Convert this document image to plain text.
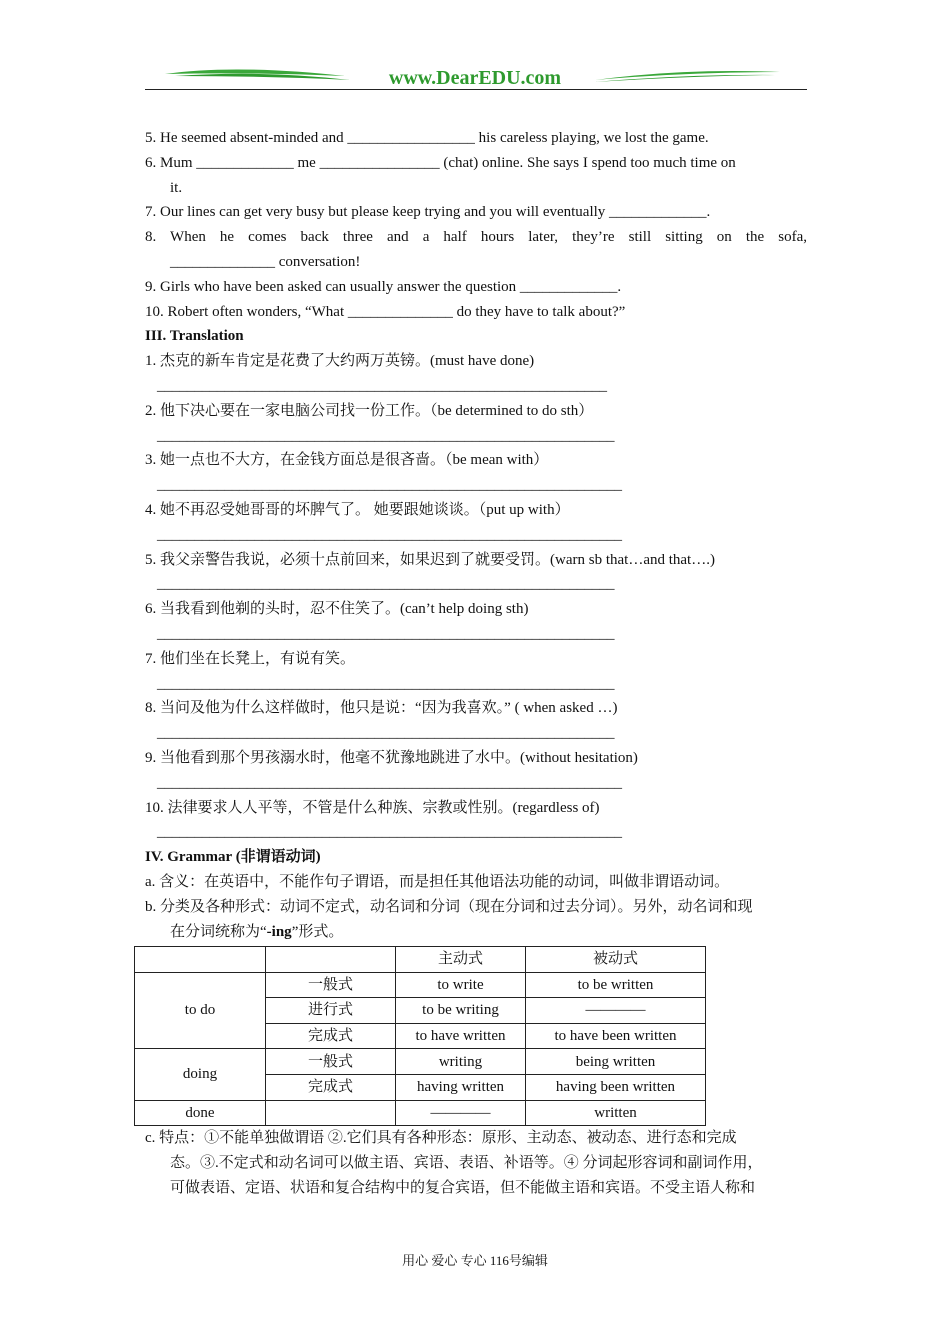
www.DearEDU.com
5. He seemed absent-minded and _________________ his careless playing, we lost the game.
6. Mum _____________ me ________________ (chat) online. She says I spend too much time on
it.
7. Our lines can get very busy but please keep trying and you will eventually _____________.
8. When he comes back three and a half hours later, they’re still sitting on the sofa,
______________ conversation!
9. Girls who have been asked can usually answer the question _____________.
10. Robert often wonders, “What ______________ do they have to talk about?”
III. Translation
1. 杰克的新车肯定是花费了大约两万英镑。(must have done)
____________________________________________________________
2. 他下决心要在一家电脑公司找一份工作。（be determined to do sth）
_____________________________________________________________
3. 她一点也不大方，在金钱方面总是很吝啬。（be mean with）
______________________________________________________________
4. 她不再忍受她哥哥的坏脾气了。 她要跟她谈谈。（put up with）
______________________________________________________________
5. 我父亲警告我说，必须十点前回来，如果迟到了就要受罚。(warn sb that…and that….)
_____________________________________________________________
6. 当我看到他剃的头时，忍不住笑了。(can’t help doing sth)
_____________________________________________________________
7. 他们坐在长凳上，有说有笑。
_____________________________________________________________
8. 当问及他为什么这样做时，他只是说：“因为我喜欢。” ( when asked …)
_____________________________________________________________
9. 当他看到那个男孩溺水时，他毫不犹豫地跳进了水中。(without hesitation)
______________________________________________________________
10. 法律要求人人平等，不管是什么种族、宗教或性别。(regardless of)
______________________________________________________________
IV. Grammar (非谓语动词)
a. 含义：在英语中，不能作句子谓语，而是担任其他语法功能的动词，叫做非谓语动词。
b. 分类及各种形式：动词不定式，动名词和分词（现在分词和过去分词）。另外，动名词和现
在分词统称为“-ing”形式。
		主动式	被动式
to do	一般式	to write	to be written
	进行式	to be writing	————
	完成式	to have written	to have been written
doing	一般式	writing	being written
	完成式	having written	having been written
done		————	written
c. 特点：①不能单独做谓语 ②.它们具有各种形态：原形、主动态、被动态、进行态和完成
态。③.不定式和动名词可以做主语、宾语、表语、补语等。④ 分词起形容词和副词作用，
可做表语、定语、状语和复合结构中的复合宾语，但不能做主语和宾语。不受主语人称和
用心 爱心 专心 116号编辑
